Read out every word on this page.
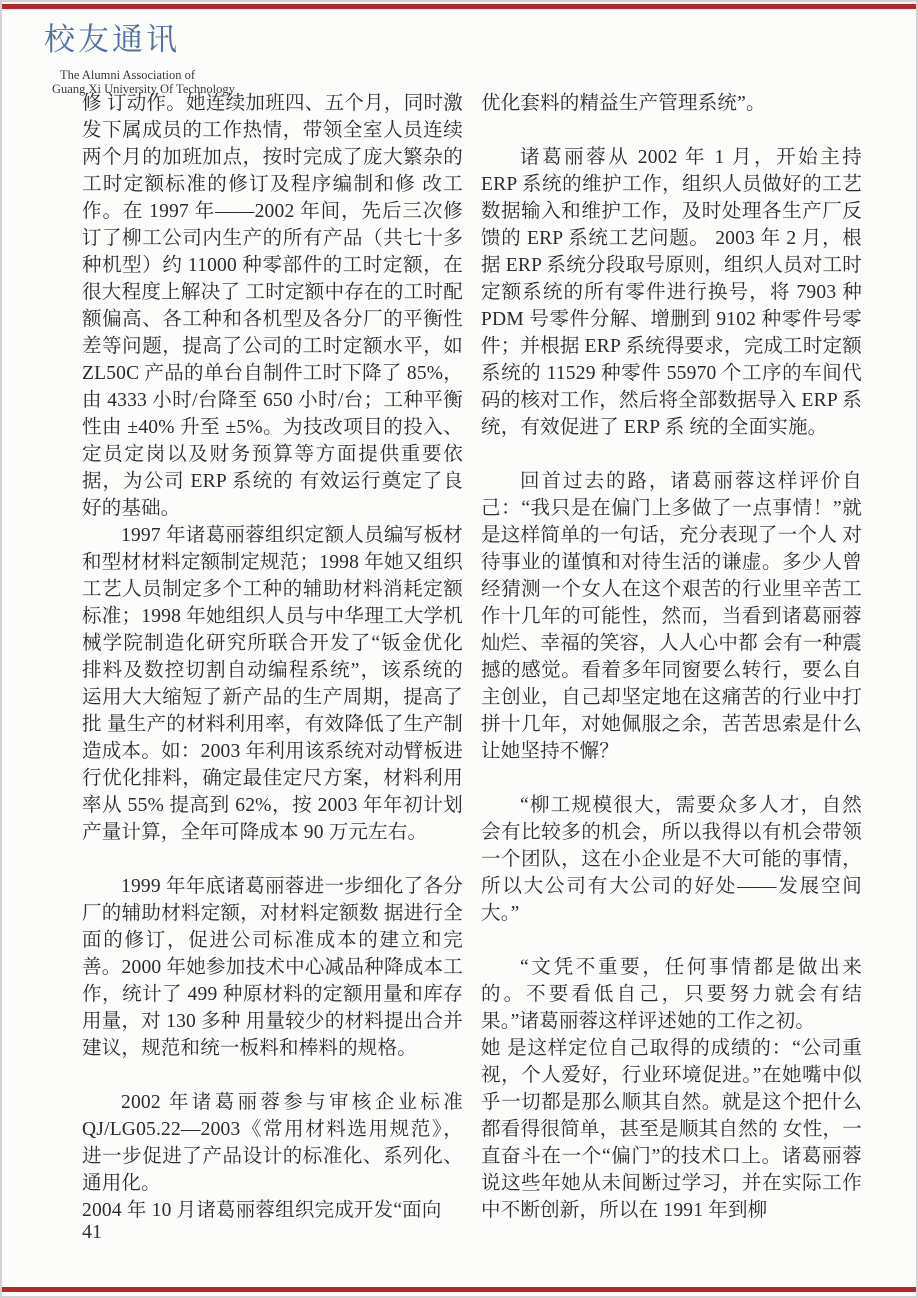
校友通讯
The Alumni Association of
Guang Xi University Of Technology

修 订动作。她连续加班四、五个月，同时激发下属成员的工作热情，带领全室人员连续两个月的加班加点，按时完成了庞大繁杂的工时定额标准的修订及程序编制和修 改工作。在 1997 年——2002 年间，先后三次修订了柳工公司内生产的所有产品（共七十多种机型）约 11000 种零部件的工时定额，在很大程度上解决了 工时定额中存在的工时配额偏高、各工种和各机型及各分厂的平衡性差等问题，提高了公司的工时定额水平，如 ZL50C 产品的单台自制件工时下降了 85%，由 4333 小时/台降至 650 小时/台；工种平衡性由 ±40% 升至 ±5%。为技改项目的投入、定员定岗以及财务预算等方面提供重要依据，为公司 ERP 系统的 有效运行奠定了良好的基础。

1997 年诸葛丽蓉组织定额人员编写板材和型材材料定额制定规范；1998 年她又组织工艺人员制定多个工种的辅助材料消耗定额标准；1998 年她组织人员与中华理工大学机械学院制造化研究所联合开发了“钣金优化排料及数控切割自动编程系统”，该系统的运用大大缩短了新产品的生产周期，提高了批 量生产的材料利用率，有效降低了生产制造成本。如：2003 年利用该系统对动臂板进行优化排料，确定最佳定尺方案，材料利用率从 55% 提高到 62%，按 2003 年年初计划产量计算，全年可降成本 90 万元左右。

1999 年年底诸葛丽蓉进一步细化了各分厂的辅助材料定额，对材料定额数 据进行全面的修订，促进公司标准成本的建立和完善。2000 年她参加技术中心减品种降成本工作，统计了 499 种原材料的定额用量和库存用量，对 130 多种 用量较少的材料提出合并建议，规范和统一板料和棒料的规格。

2002 年诸葛丽蓉参与审核企业标准 QJ/LG05.22—2003《常用材料选用规范》，进一步促进了产品设计的标准化、系列化、通用化。

2004 年 10 月诸葛丽蓉组织完成开发“面向

优化套料的精益生产管理系统”。

诸葛丽蓉从 2002 年 1 月，开始主持 ERP 系统的维护工作，组织人员做好的工艺数据输入和维护工作，及时处理各生产厂反馈的 ERP 系统工艺问题。 2003 年 2 月，根据 ERP 系统分段取号原则，组织人员对工时定额系统的所有零件进行换号，将 7903 种 PDM 号零件分解、增删到 9102 种零件号零件；并根据 ERP 系统得要求，完成工时定额系统的 11529 种零件 55970 个工序的车间代码的核对工作，然后将全部数据导入 ERP 系统，有效促进了 ERP 系 统的全面实施。

回首过去的路，诸葛丽蓉这样评价自己：“我只是在偏门上多做了一点事情！”就是这样简单的一句话，充分表现了一个人 对待事业的谨慎和对待生活的谦虚。多少人曾经猜测一个女人在这个艰苦的行业里辛苦工作十几年的可能性，然而，当看到诸葛丽蓉灿烂、幸福的笑容，人人心中都 会有一种震撼的感觉。看着多年同窗要么转行，要么自主创业，自己却坚定地在这痛苦的行业中打拼十几年，对她佩服之余，苦苦思索是什么让她坚持不懈？

“柳工规模很大，需要众多人才，自然会有比较多的机会，所以我得以有机会带领一个团队，这在小企业是不大可能的事情，所以大公司有大公司的好处——发展空间大。”

“文凭不重要，任何事情都是做出来的。不要看低自己，只要努力就会有结果。”诸葛丽蓉这样评述她的工作之初。

她 是这样定位自己取得的成绩的：“公司重视，个人爱好，行业环境促进。”在她嘴中似乎一切都是那么顺其自然。就是这个把什么都看得很简单，甚至是顺其自然的 女性，一直奋斗在一个“偏门”的技术口上。诸葛丽蓉说这些年她从未间断过学习，并在实际工作中不断创新，所以在 1991 年到柳

41
